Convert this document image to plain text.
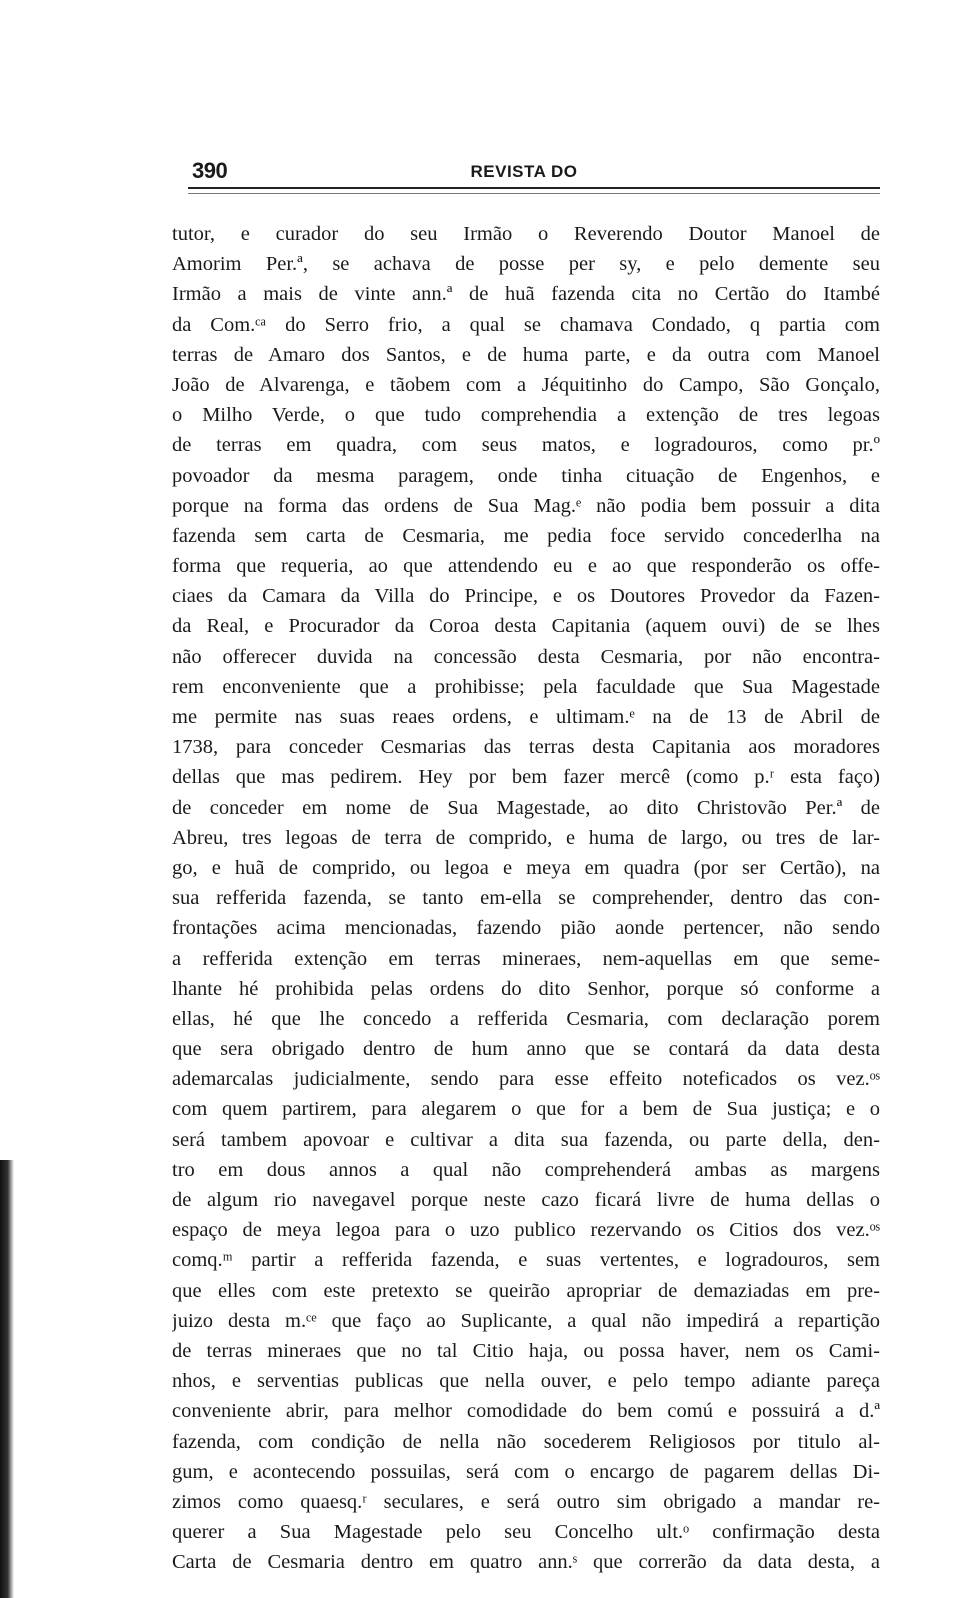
390	REVISTA DO
tutor, e curador do seu Irmão o Reverendo Doutor Manoel de
Amorim Per.ª, se achava de posse per sy, e pelo demente seu
Irmão a mais de vinte ann.ª de huã fazenda cita no Certão do Itambé
da Com.ᶜᵃ do Serro frio, a qual se chamava Condado, q partia com
terras de Amaro dos Santos, e de huma parte, e da outra com Manoel
João de Alvarenga, e tãobem com a Jéquitinho do Campo, São Gonçalo,
o Milho Verde, o que tudo comprehendia a extenção de tres legoas
de terras em quadra, com seus matos, e logradouros, como pr.º
povoador da mesma paragem, onde tinha cituação de Engenhos, e
porque na forma das ordens de Sua Mag.ᵉ não podia bem possuir a dita
fazenda sem carta de Cesmaria, me pedia foce servido concederlha na
forma que requeria, ao que attendendo eu e ao que responderão os offe-
ciaes da Camara da Villa do Principe, e os Doutores Provedor da Fazen-
da Real, e Procurador da Coroa desta Capitania (aquem ouvi) de se lhes
não offerecer duvida na concessão desta Cesmaria, por não encontra-
rem enconveniente que a prohibisse; pela faculdade que Sua Magestade
me permite nas suas reaes ordens, e ultimam.ᵉ na de 13 de Abril de
1738, para conceder Cesmarias das terras desta Capitania aos moradores
dellas que mas pedirem. Hey por bem fazer mercê (como p.ʳ esta faço)
de conceder em nome de Sua Magestade, ao dito Christovão Per.ª de
Abreu, tres legoas de terra de comprido, e huma de largo, ou tres de lar-
go, e huã de comprido, ou legoa e meya em quadra (por ser Certão), na
sua refferida fazenda, se tanto em-ella se comprehender, dentro das con-
frontações acima mencionadas, fazendo pião aonde pertencer, não sendo
a refferida extenção em terras mineraes, nem-aquellas em que seme-
lhante hé prohibida pelas ordens do dito Senhor, porque só conforme a
ellas, hé que lhe concedo a refferida Cesmaria, com declaração porem
que sera obrigado dentro de hum anno que se contará da data desta
ademarcalas judicialmente, sendo para esse effeito noteficados os vez.ᵒˢ
com quem partirem, para alegarem o que for a bem de Sua justiça; e o
será tambem apovoar e cultivar a dita sua fazenda, ou parte della, den-
tro em dous annos a qual não comprehenderá ambas as margens
de algum rio navegavel porque neste cazo ficará livre de huma dellas o
espaço de meya legoa para o uzo publico rezervando os Citios dos vez.ᵒˢ
comq.ᵐ partir a refferida fazenda, e suas vertentes, e logradouros, sem
que elles com este pretexto se queirão apropriar de demaziadas em pre-
juizo desta m.ᶜᵉ que faço ao Suplicante, a qual não impedirá a repartição
de terras mineraes que no tal Citio haja, ou possa haver, nem os Cami-
nhos, e serventias publicas que nella ouver, e pelo tempo adiante pareça
conveniente abrir, para melhor comodidade do bem comú e possuirá a d.ª
fazenda, com condição de nella não socederem Religiosos por titulo al-
gum, e acontecendo possuilas, será com o encargo de pagarem dellas Di-
zimos como quaesq.ʳ seculares, e será outro sim obrigado a mandar re-
querer a Sua Magestade pelo seu Concelho ult.ᵒ confirmação desta
Carta de Cesmaria dentro em quatro ann.ˢ que correrão da data desta, a
